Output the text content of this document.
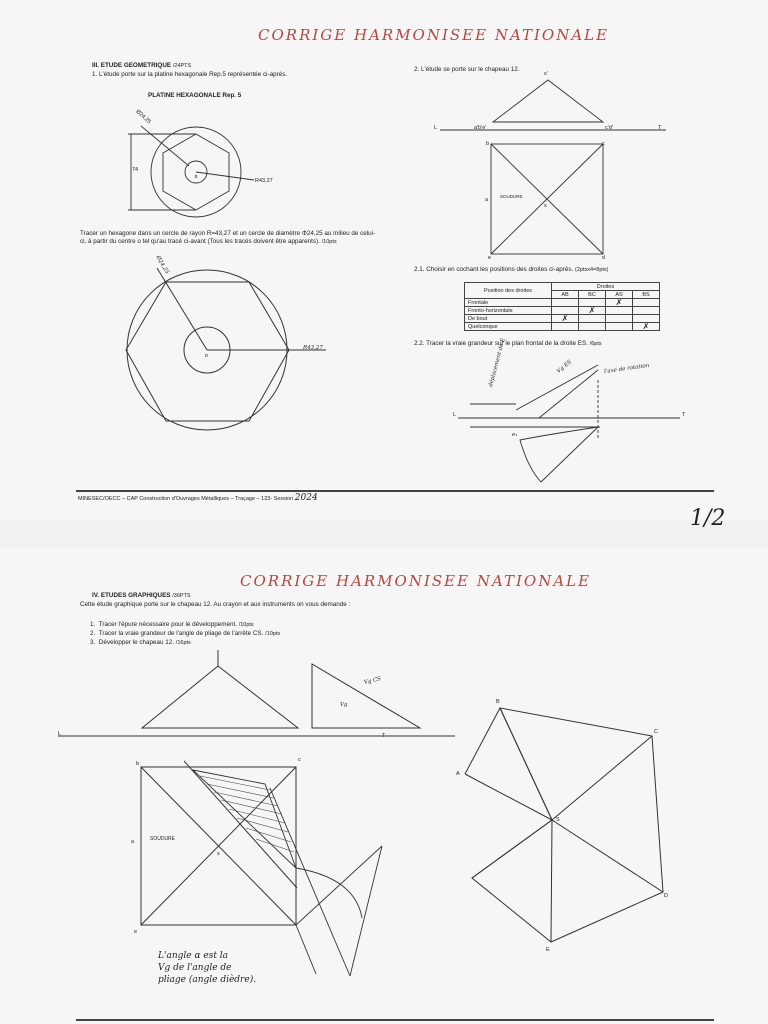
CORRIGE HARMONISEE NATIONALE
III. ETUDE GEOMETRIQUE /24PTS
1. L'étude porte sur la platine hexagonale Rep.5 représentée ci-après.
PLATINE HEXAGONALE Rep. 5
o
o
Ø24,25
R43,27
74
Tracer un hexagone dans un cercle de rayon R=43,27 et un cercle de diamètre Φ24,25 au milieu de celui-ci, à partir du centre o tel qu'au tracé ci-avant (Tous les tracés doivent être apparents). /10pts
Ø24,25
R43,27
2. L'étude se porte sur le chapeau 12.
s'
L	T
a'b'e'	c'd'
b	c
a
s
e	d
SOUDURE
2.1. Choisir en cochant les positions des droites ci-après. (2ptsx4=8pts)
Position des droites	Droites			
	AB	BC	AS	BS
Frontale			✗	
Fronto-horizontale		✗		
De bout	✗			
Quelconque				✗
2.2. Tracer la vraie grandeur sur le plan frontal de la droite ES. /6pts
Vg ES	l'axe de rotation
déplacement de E
L	T
e₁
MINESEC/OECC – CAP Construction d'Ouvrages Métalliques – Traçage – 123- Session 2024
1/2
CORRIGE HARMONISEE NATIONALE
IV. ETUDES GRAPHIQUES /36PTS
Cette étude graphique porte sur le chapeau 12. Au crayon et aux instruments on vous demande :
1. Tracer l'épure nécessaire pour le développement. /10pts
2. Tracer la vraie grandeur de l'angle de pliage de l'arrête CS. /10pts
3. Développer le chapeau 12. /16pts
L	T
Vg CS
Vg
b
c
a
s
e
SOUDURE
B
C
A
D
E
S
L'angle α est la
Vg de l'angle de
pliage (angle dièdre).
